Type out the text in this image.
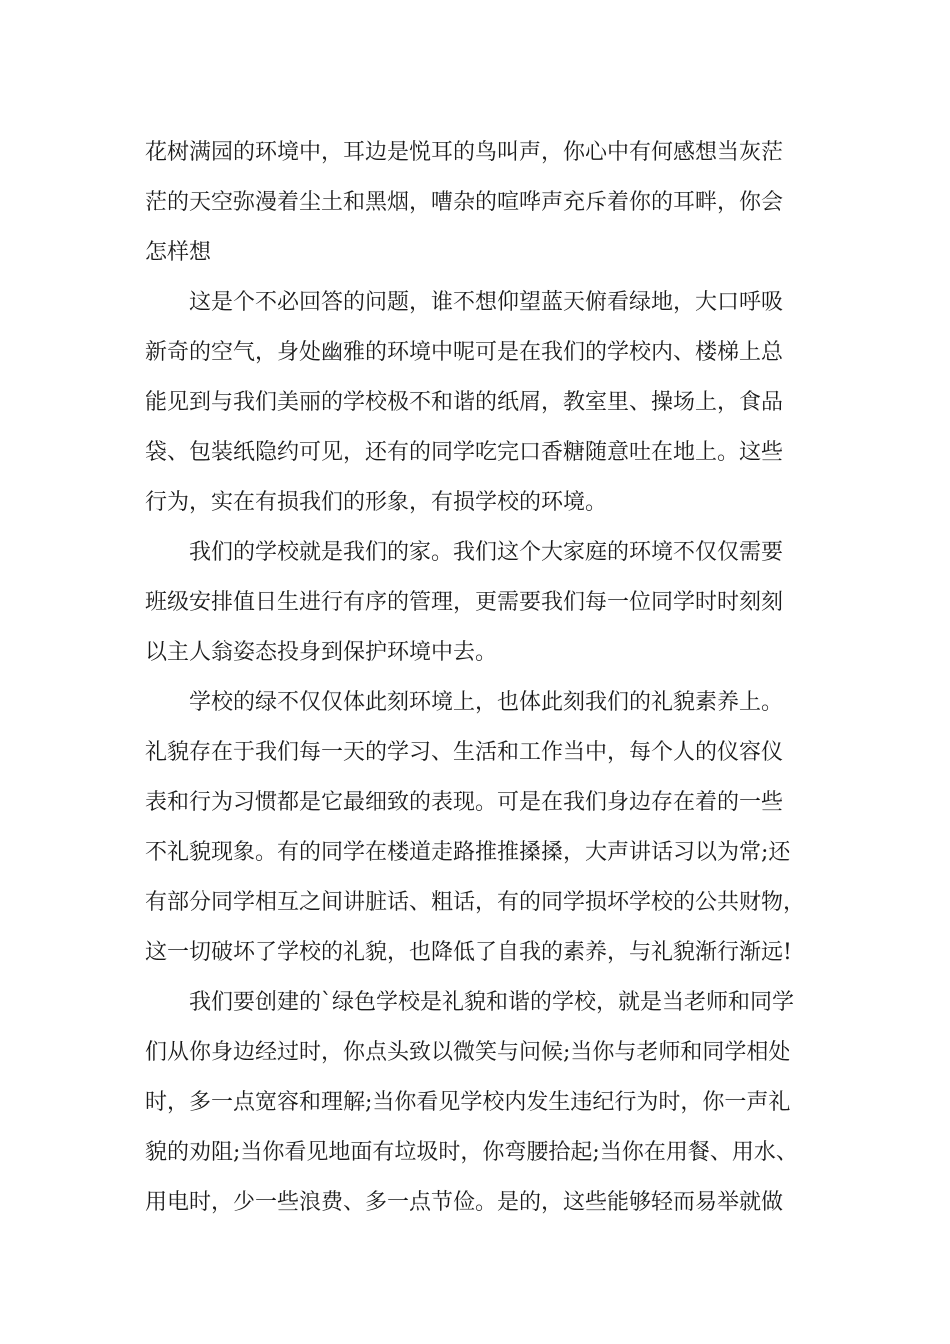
花树满园的环境中，耳边是悦耳的鸟叫声，你心中有何感想当灰茫
茫的天空弥漫着尘土和黑烟，嘈杂的喧哗声充斥着你的耳畔，你会
怎样想
这是个不必回答的问题，谁不想仰望蓝天俯看绿地，大口呼吸
新奇的空气，身处幽雅的环境中呢可是在我们的学校内、楼梯上总
能见到与我们美丽的学校极不和谐的纸屑，教室里、操场上，食品
袋、包装纸隐约可见，还有的同学吃完口香糖随意吐在地上。这些
行为，实在有损我们的形象，有损学校的环境。
我们的学校就是我们的家。我们这个大家庭的环境不仅仅需要
班级安排值日生进行有序的管理，更需要我们每一位同学时时刻刻
以主人翁姿态投身到保护环境中去。
学校的绿不仅仅体此刻环境上，也体此刻我们的礼貌素养上。
礼貌存在于我们每一天的学习、生活和工作当中，每个人的仪容仪
表和行为习惯都是它最细致的表现。可是在我们身边存在着的一些
不礼貌现象。有的同学在楼道走路推推搡搡，大声讲话习以为常;还
有部分同学相互之间讲脏话、粗话，有的同学损坏学校的公共财物，
这一切破坏了学校的礼貌，也降低了自我的素养，与礼貌渐行渐远!
我们要创建的`绿色学校是礼貌和谐的学校，就是当老师和同学
们从你身边经过时，你点头致以微笑与问候;当你与老师和同学相处
时，多一点宽容和理解;当你看见学校内发生违纪行为时，你一声礼
貌的劝阻;当你看见地面有垃圾时，你弯腰拾起;当你在用餐、用水、
用电时，少一些浪费、多一点节俭。是的，这些能够轻而易举就做
